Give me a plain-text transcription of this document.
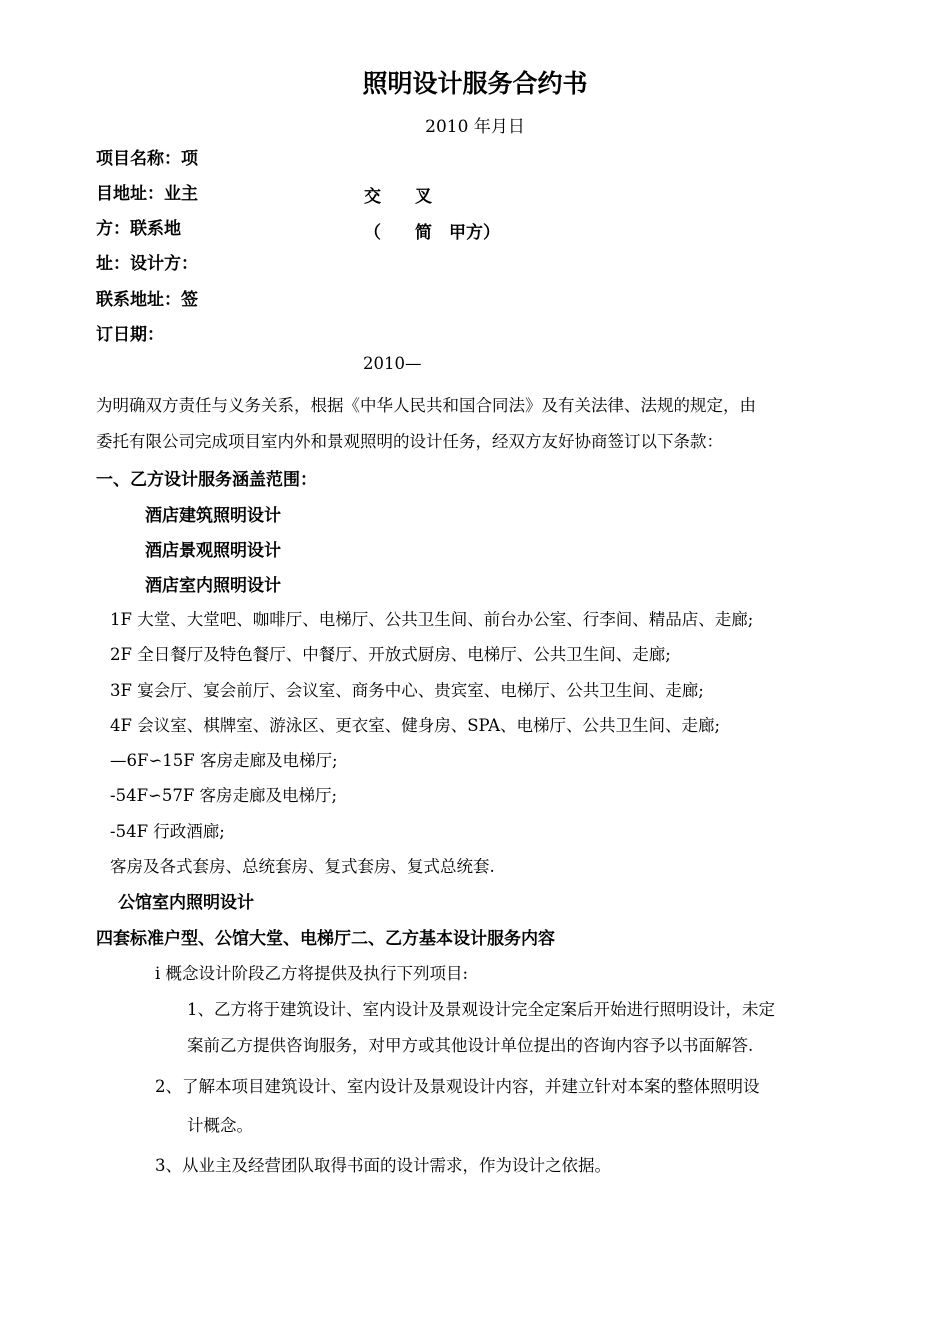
照明设计服务合约书
2010 年月日
项目名称：项
目地址：业主
方：联系地
址：设计方：
联系地址：签
订日期：
交　　叉
（　　简　甲方）
2010—
为明确双方责任与义务关系，根据《中华人民共和国合同法》及有关法律、法规的规定，由
委托有限公司完成项目室内外和景观照明的设计任务，经双方友好协商签订以下条款：
一、乙方设计服务涵盖范围：
酒店建筑照明设计
酒店景观照明设计
酒店室内照明设计
1F 大堂、大堂吧、咖啡厅、电梯厅、公共卫生间、前台办公室、行李间、精品店、走廊;
2F 全日餐厅及特色餐厅、中餐厅、开放式厨房、电梯厅、公共卫生间、走廊;
3F 宴会厅、宴会前厅、会议室、商务中心、贵宾室、电梯厅、公共卫生间、走廊;
4F 会议室、棋牌室、游泳区、更衣室、健身房、SPA、电梯厅、公共卫生间、走廊;
—6F∽15F 客房走廊及电梯厅;
-54F∽57F 客房走廊及电梯厅;
-54F 行政酒廊;
客房及各式套房、总统套房、复式套房、复式总统套.
公馆室内照明设计
四套标准户型、公馆大堂、电梯厅二、乙方基本设计服务内容
i 概念设计阶段乙方将提供及执行下列项目:
1、乙方将于建筑设计、室内设计及景观设计完全定案后开始进行照明设计，未定
案前乙方提供咨询服务，对甲方或其他设计单位提出的咨询内容予以书面解答.
2、了解本项目建筑设计、室内设计及景观设计内容，并建立针对本案的整体照明设
计概念。
3、从业主及经营团队取得书面的设计需求，作为设计之依据。
